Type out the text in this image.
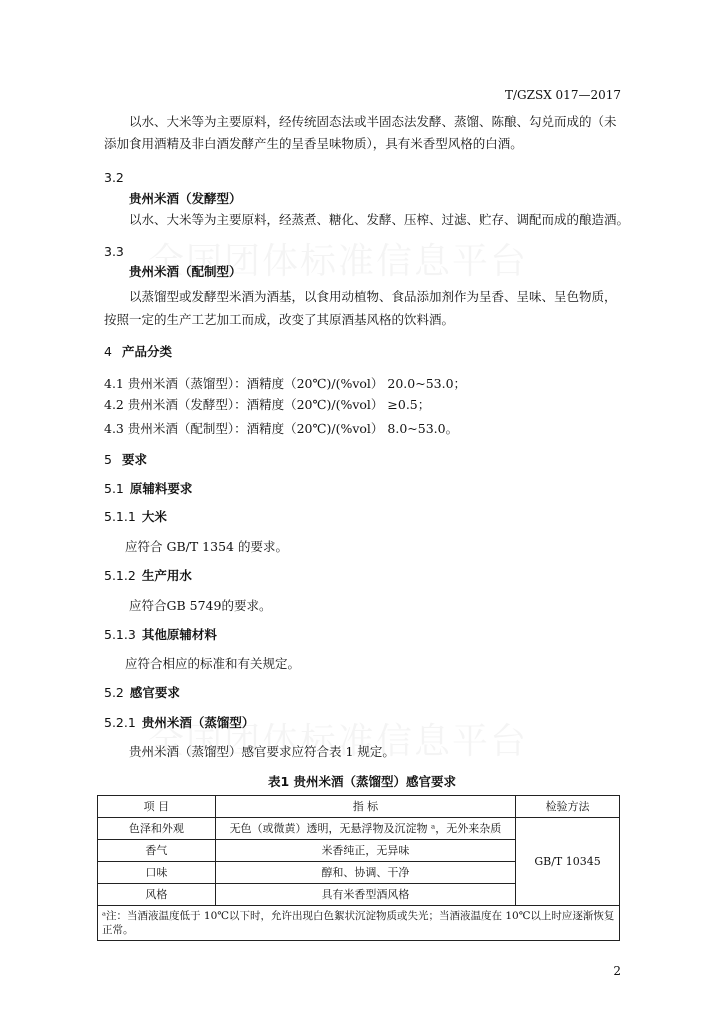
T/GZSX 017—2017
以水、大米等为主要原料，经传统固态法或半固态法发酵、蒸馏、陈酿、勾兑而成的（未
添加食用酒精及非白酒发酵产生的呈香呈味物质），具有米香型风格的白酒。
3.2
贵州米酒（发酵型）
以水、大米等为主要原料，经蒸煮、糖化、发酵、压榨、过滤、贮存、调配而成的酿造酒。
3.3
贵州米酒（配制型）
以蒸馏型或发酵型米酒为酒基，以食用动植物、食品添加剂作为呈香、呈味、呈色物质，
按照一定的生产工艺加工而成，改变了其原酒基风格的饮料酒。
4 产品分类
4.1 贵州米酒（蒸馏型）：酒精度（20℃)/(%vol） 20.0~53.0；
4.2 贵州米酒（发酵型）：酒精度（20℃)/(%vol） ≥0.5；
4.3 贵州米酒（配制型）：酒精度（20℃)/(%vol） 8.0~53.0。
5 要求
5.1 原辅料要求
5.1.1 大米
应符合 GB/T 1354 的要求。
5.1.2 生产用水
应符合GB 5749的要求。
5.1.3 其他原辅材料
应符合相应的标准和有关规定。
5.2 感官要求
5.2.1 贵州米酒（蒸馏型）
贵州米酒（蒸馏型）感官要求应符合表 1 规定。
表1 贵州米酒（蒸馏型）感官要求
项 目	指 标	检验方法
色泽和外观	无色（或微黄）透明，无悬浮物及沉淀物 ᵃ，无外来杂质	GB/T 10345
香气	米香纯正，无异味	
口味	醇和、协调、干净	
风格	具有米香型酒风格	
ᵃ注：当酒液温度低于 10℃以下时，允许出现白色絮状沉淀物质或失光；当酒液温度在 10℃以上时应逐渐恢复正常。		
2
